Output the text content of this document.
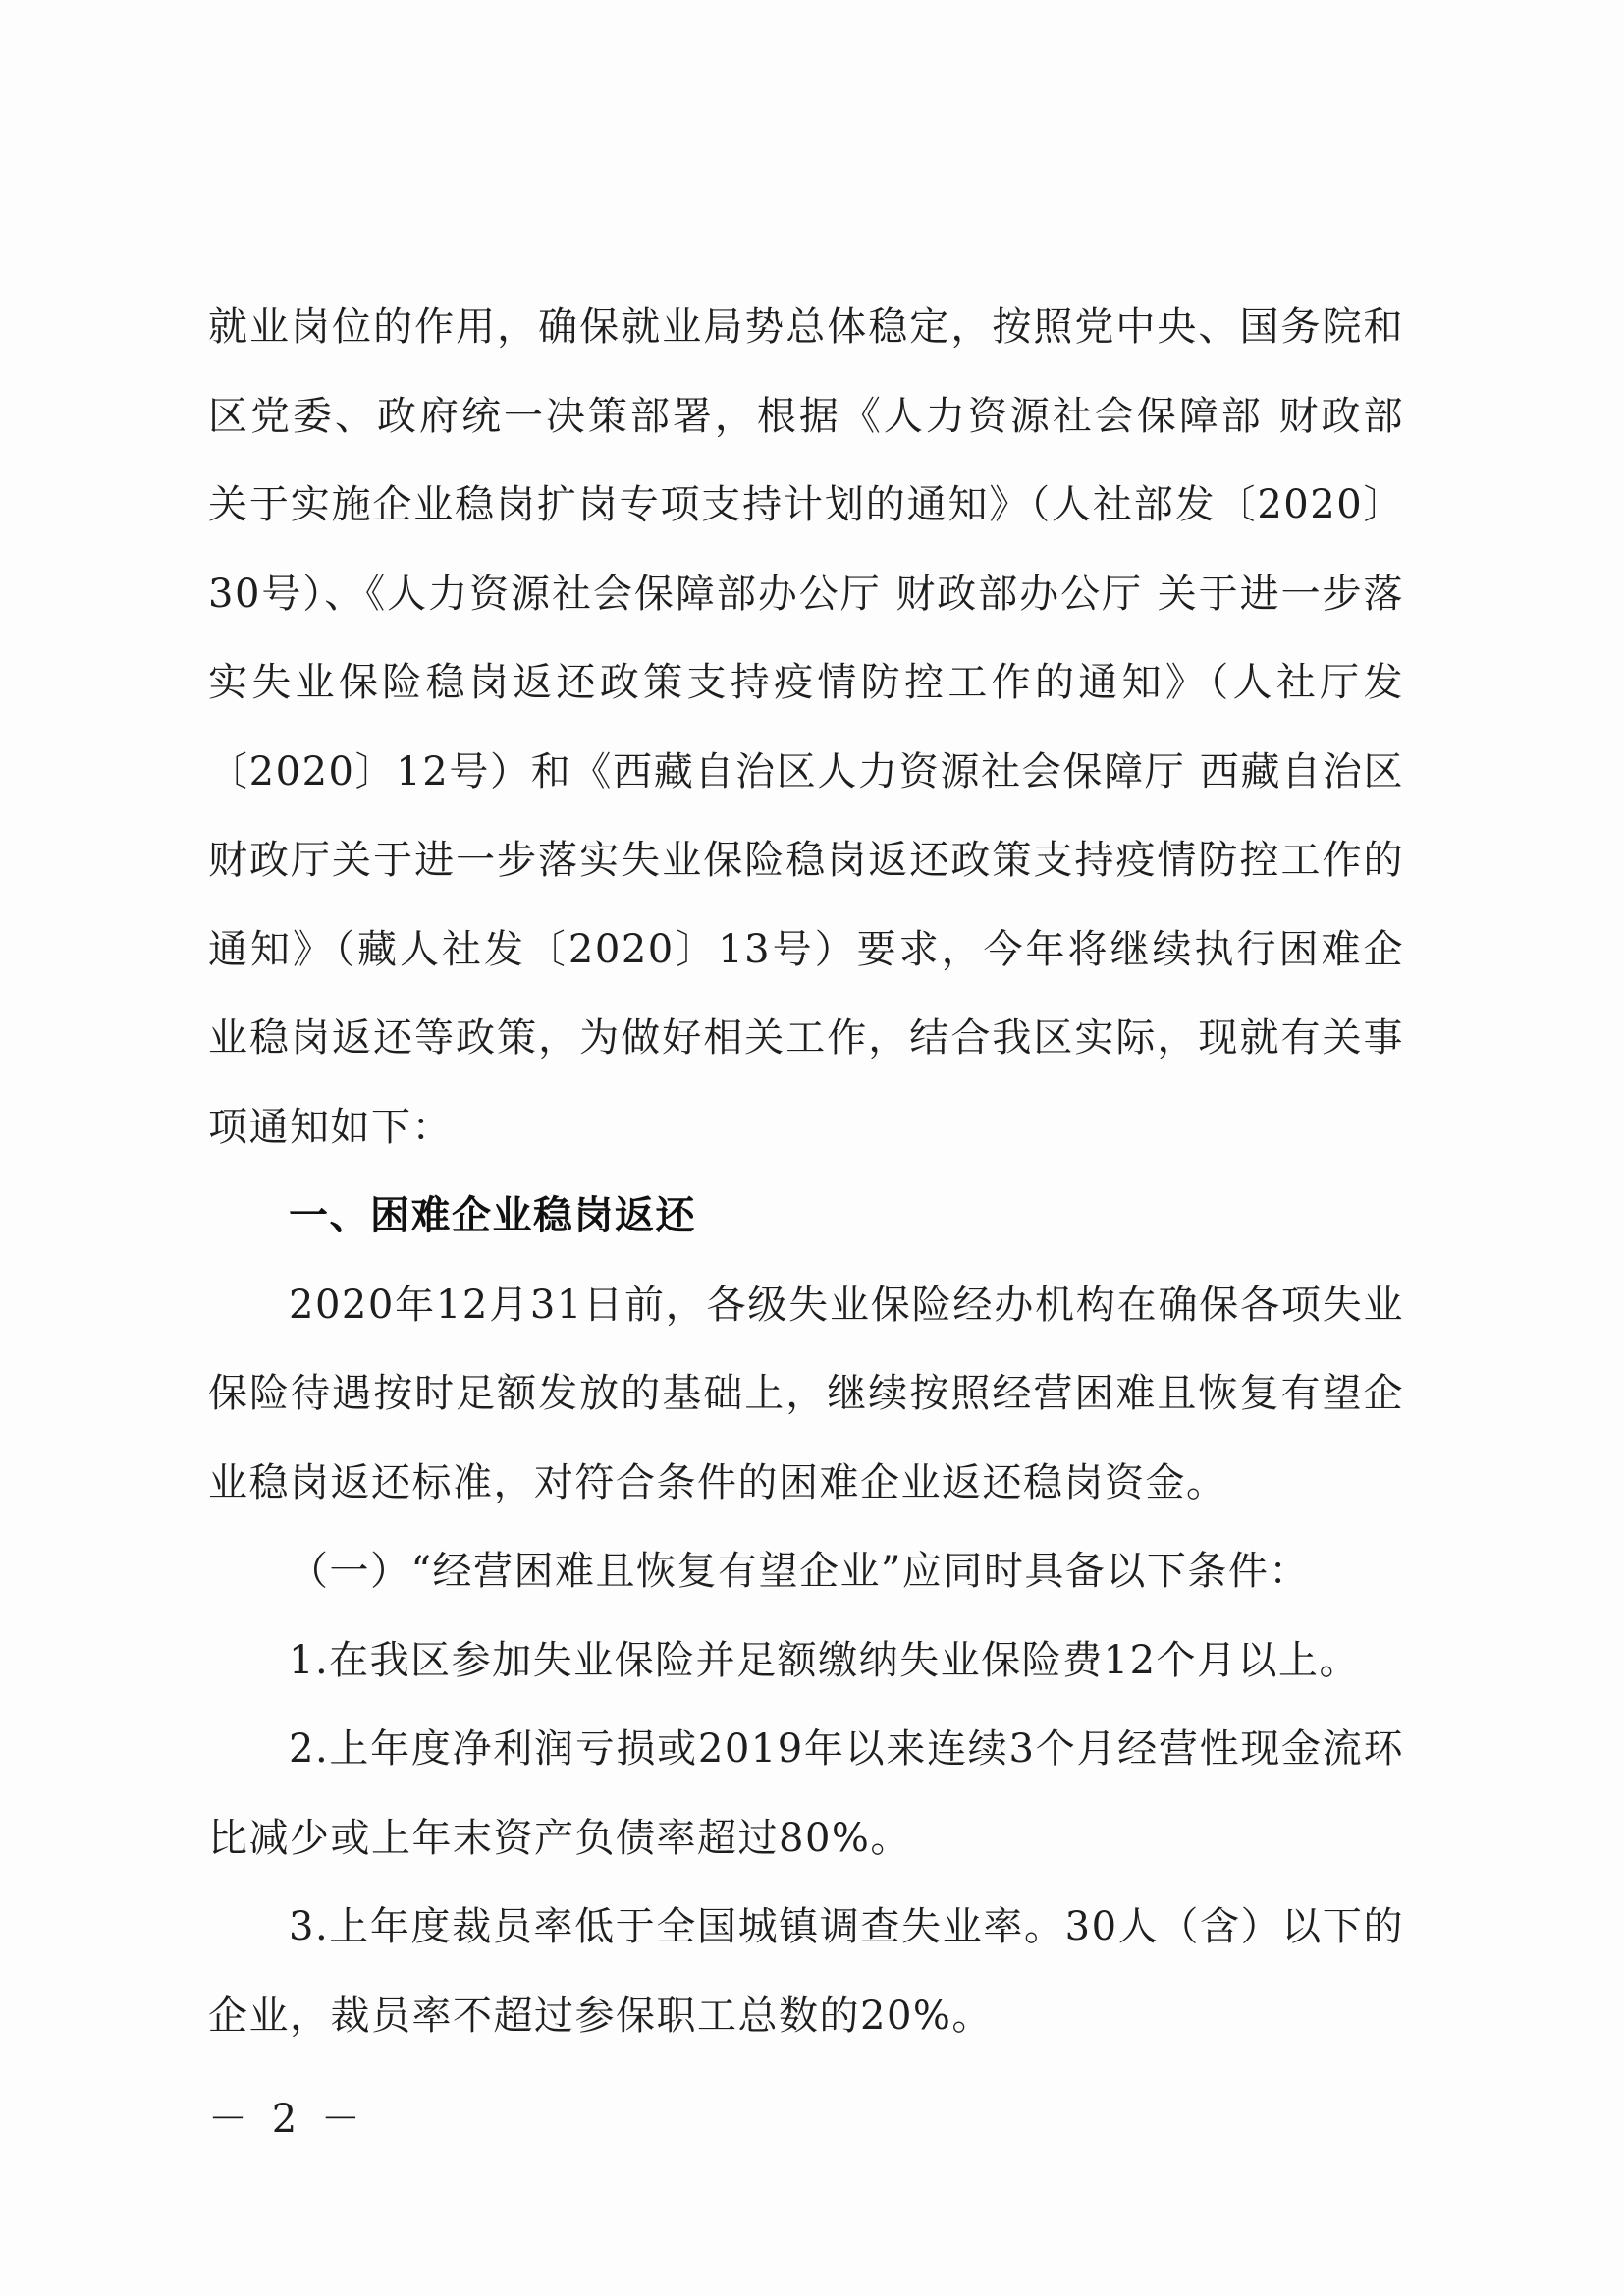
就业岗位的作用，确保就业局势总体稳定，按照党中央、国务院和区党委、政府统一决策部署，根据《人力资源社会保障部 财政部 关于实施企业稳岗扩岗专项支持计划的通知》（人社部发〔2020〕30号）、《人力资源社会保障部办公厅 财政部办公厅 关于进一步落实失业保险稳岗返还政策支持疫情防控工作的通知》（人社厅发〔2020〕12号）和《西藏自治区人力资源社会保障厅 西藏自治区财政厅关于进一步落实失业保险稳岗返还政策支持疫情防控工作的通知》（藏人社发〔2020〕13号）要求，今年将继续执行困难企业稳岗返还等政策，为做好相关工作，结合我区实际，现就有关事项通知如下：

一、困难企业稳岗返还

2020年12月31日前，各级失业保险经办机构在确保各项失业保险待遇按时足额发放的基础上，继续按照经营困难且恢复有望企业稳岗返还标准，对符合条件的困难企业返还稳岗资金。

（一）“经营困难且恢复有望企业”应同时具备以下条件：

1.在我区参加失业保险并足额缴纳失业保险费12个月以上。

2.上年度净利润亏损或2019年以来连续3个月经营性现金流环比减少或上年末资产负债率超过80%。

3.上年度裁员率低于全国城镇调查失业率。30人（含）以下的企业，裁员率不超过参保职工总数的20%。

－ 2 －
